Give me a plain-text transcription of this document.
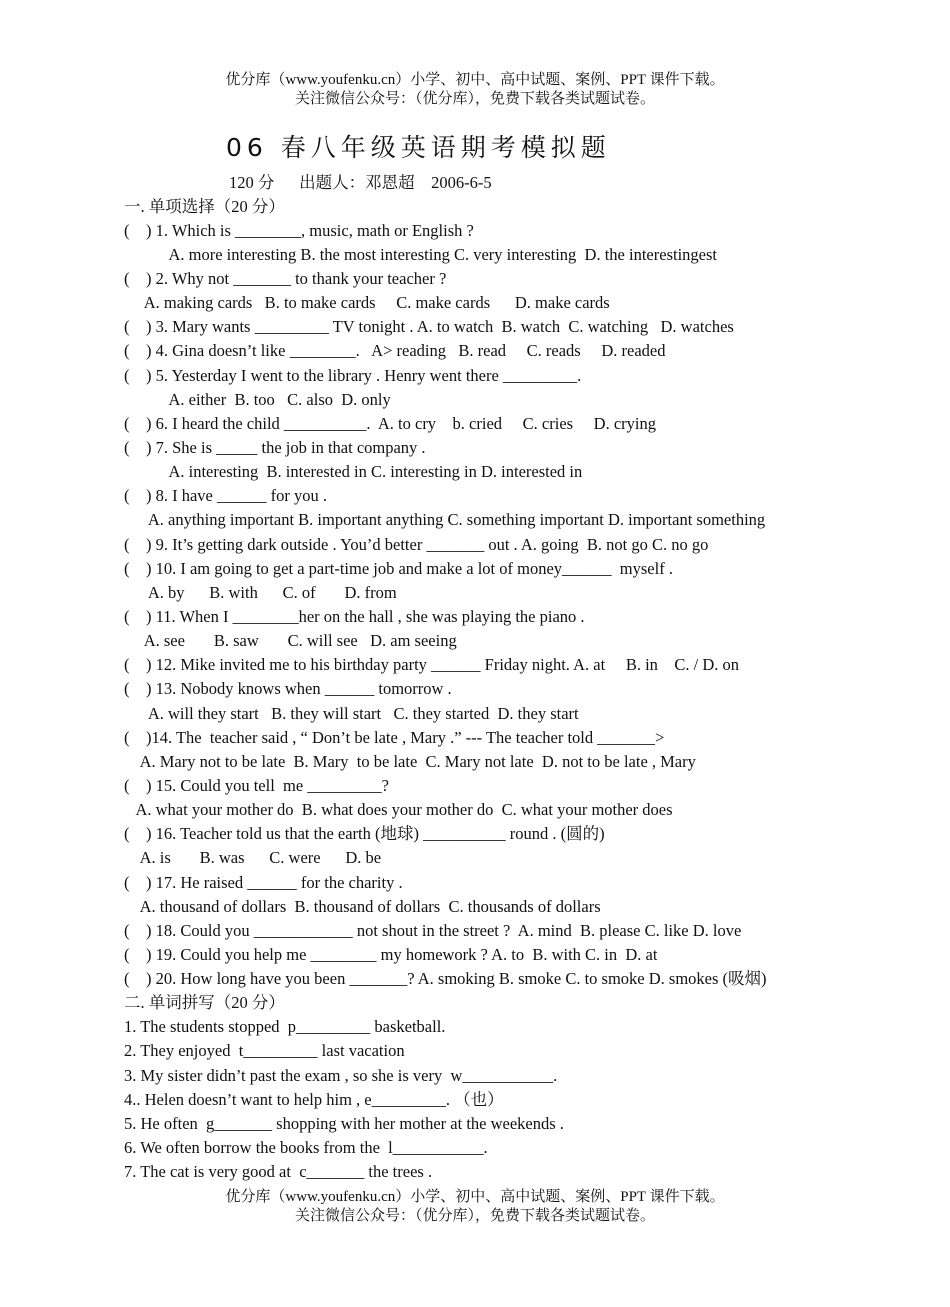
优分库（www.youfenku.cn）小学、初中、高中试题、案例、PPT 课件下载。
关注微信公众号：（优分库），免费下载各类试题试卷。
06 春八年级英语期考模拟题
120 分      出题人：邓恩超    2006-6-5
一. 单项选择（20 分）
(    ) 1. Which is ________, music, math or English ?
A. more interesting B. the most interesting C. very interesting  D. the interestingest
(    ) 2. Why not _______ to thank your teacher ?
A. making cards   B. to make cards     C. make cards      D. make cards
(    ) 3. Mary wants _________ TV tonight . A. to watch  B. watch  C. watching   D. watches
(    ) 4. Gina doesn’t like ________.   A> reading   B. read     C. reads     D. readed
(    ) 5. Yesterday I went to the library . Henry went there _________.
A. either  B. too   C. also  D. only
(    ) 6. I heard the child __________.  A. to cry    b. cried     C. cries     D. crying
(    ) 7. She is _____ the job in that company .
A. interesting  B. interested in C. interesting in D. interested in
(    ) 8. I have ______ for you .
A. anything important B. important anything C. something important D. important something
(    ) 9. It’s getting dark outside . You’d better _______ out . A. going  B. not go C. no go
(    ) 10. I am going to get a part-time job and make a lot of money______  myself .
A. by      B. with      C. of       D. from
(    ) 11. When I ________her on the hall , she was playing the piano .
A. see       B. saw       C. will see   D. am seeing
(    ) 12. Mike invited me to his birthday party ______ Friday night. A. at     B. in    C. / D. on
(    ) 13. Nobody knows when ______ tomorrow .
A. will they start   B. they will start   C. they started  D. they start
(    )14. The  teacher said , “ Don’t be late , Mary .” --- The teacher told _______>
A. Mary not to be late  B. Mary  to be late  C. Mary not late  D. not to be late , Mary
(    ) 15. Could you tell  me _________?
A. what your mother do  B. what does your mother do  C. what your mother does
(    ) 16. Teacher told us that the earth (地球) __________ round . (圆的)
A. is       B. was      C. were      D. be
(    ) 17. He raised ______ for the charity .
A. thousand of dollars  B. thousand of dollars  C. thousands of dollars
(    ) 18. Could you ____________ not shout in the street ?  A. mind  B. please C. like D. love
(    ) 19. Could you help me ________ my homework ? A. to  B. with C. in  D. at
(    ) 20. How long have you been _______? A. smoking B. smoke C. to smoke D. smokes (吸烟)
二. 单词拼写（20 分）
1. The students stopped  p_________ basketball.
2. They enjoyed  t_________ last vacation
3. My sister didn’t past the exam , so she is very  w___________.
4.. Helen doesn’t want to help him , e_________. （也）
5. He often  g_______ shopping with her mother at the weekends .
6. We often borrow the books from the  l___________.
7. The cat is very good at  c_______ the trees .
优分库（www.youfenku.cn）小学、初中、高中试题、案例、PPT 课件下载。
关注微信公众号：（优分库），免费下载各类试题试卷。
